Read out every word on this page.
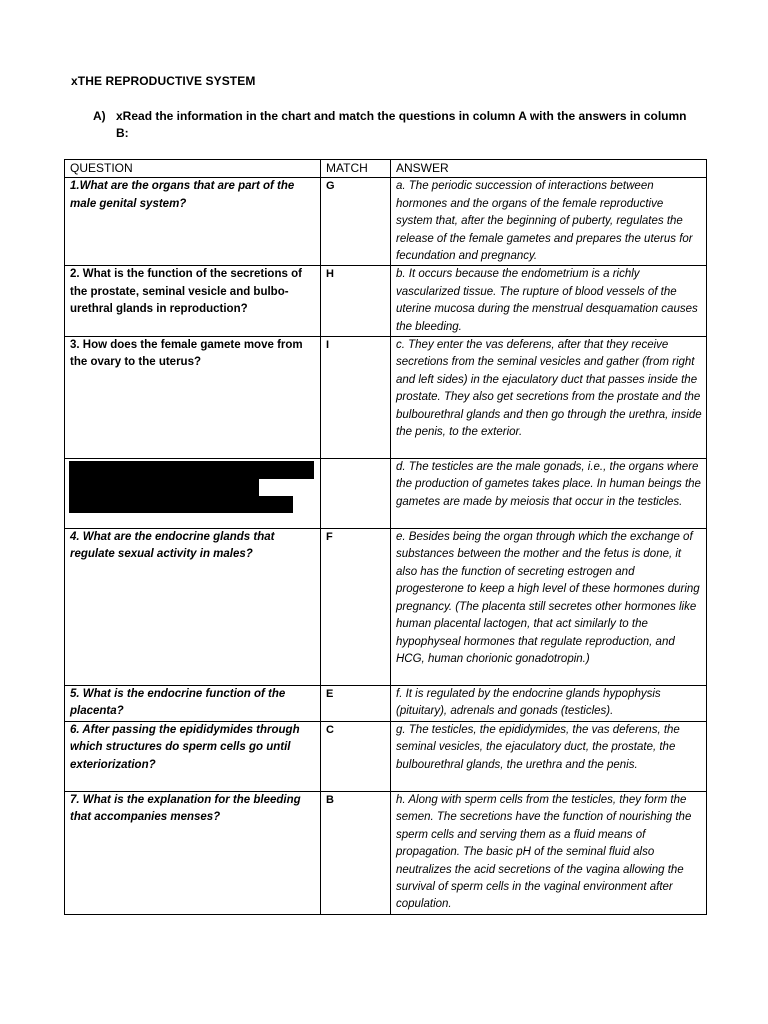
xTHE REPRODUCTIVE SYSTEM
A) xRead the information in the chart and match the questions in column A with the answers in column B:
QUESTION	MATCH	ANSWER
1.What are the organs that are part of the male genital system?	G	a. The periodic succession of interactions between hormones and the organs of the female reproductive system that, after the beginning of puberty, regulates the release of the female gametes and prepares the uterus for fecundation and pregnancy.
2. What is the function of the secretions of the prostate, seminal vesicle and bulbo-urethral glands in reproduction?	H	b. It occurs because the endometrium is a richly vascularized tissue. The rupture of blood vessels of the uterine mucosa during the menstrual desquamation causes the bleeding.
3. How does the female gamete move from the ovary to the uterus?	I	c. They enter the vas deferens, after that they receive secretions from the seminal vesicles and gather (from right and left sides) in the ejaculatory duct that passes inside the prostate. They also get secretions from the prostate and the bulbourethral glands and then go through the urethra, inside the penis, to the exterior.

		d. The testicles are the male gonads, i.e., the organs where the production of gametes takes place. In human beings the gametes are made by meiosis that occur in the testicles.
4. What are the endocrine glands that regulate sexual activity in males?	F	e. Besides being the organ through which the exchange of substances between the mother and the fetus is done, it also has the function of secreting estrogen and progesterone to keep a high level of these hormones during pregnancy. (The placenta still secretes other hormones like human placental lactogen, that act similarly to the hypophyseal hormones that regulate reproduction, and HCG, human chorionic gonadotropin.)
5. What is the endocrine function of the placenta?	E	f. It is regulated by the endocrine glands hypophysis (pituitary), adrenals and gonads (testicles).
6. After passing the epididymides through which structures do sperm cells go until exteriorization?	C	g. The testicles, the epididymides, the vas deferens, the seminal vesicles, the ejaculatory duct, the prostate, the bulbourethral glands, the urethra and the penis.
7. What is the explanation for the bleeding that accompanies menses?	B	h. Along with sperm cells from the testicles, they form the semen. The secretions have the function of nourishing the sperm cells and serving them as a fluid means of propagation. The basic pH of the seminal fluid also neutralizes the acid secretions of the vagina allowing the survival of sperm cells in the vaginal environment after copulation.
